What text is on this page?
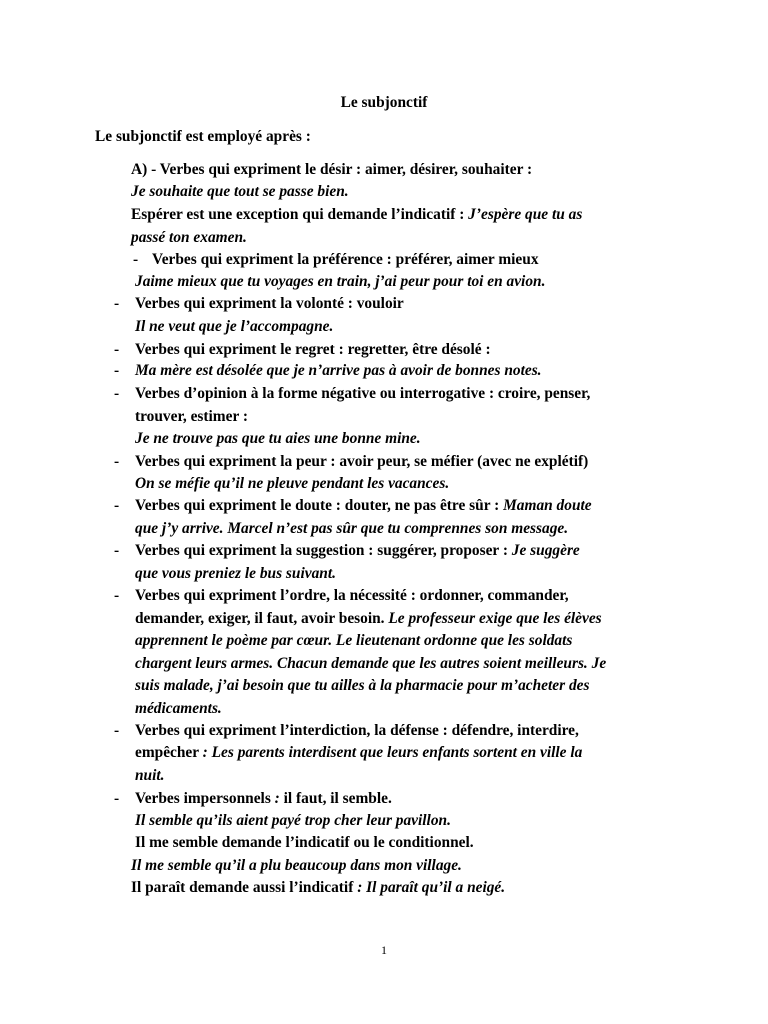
Le subjonctif
Le subjonctif est employé après :
A) - Verbes qui expriment le désir : aimer, désirer, souhaiter :
Je souhaite que tout se passe bien.
Espérer est une exception qui demande l’indicatif : J’espère que tu as
passé ton examen.
- Verbes qui expriment la préférence : préférer, aimer mieux
Jaime mieux que tu voyages en train, j’ai peur pour toi en avion.
- Verbes qui expriment la volonté : vouloir
Il ne veut que je l’accompagne.
- Verbes qui expriment le regret : regretter, être désolé :
- Ma mère est désolée que je n’arrive pas à avoir de bonnes notes.
- Verbes d’opinion à la forme négative ou interrogative : croire, penser,
trouver, estimer :
Je ne trouve pas que tu aies une bonne mine.
- Verbes qui expriment la peur : avoir peur, se méfier (avec ne explétif)
On se méfie qu’il ne pleuve pendant les vacances.
- Verbes qui expriment le doute : douter, ne pas être sûr : Maman doute
que j’y arrive. Marcel n’est pas sûr que tu comprennes son message.
- Verbes qui expriment la suggestion : suggérer, proposer : Je suggère
que vous preniez le bus suivant.
- Verbes qui expriment l’ordre, la nécessité : ordonner, commander,
demander, exiger, il faut, avoir besoin. Le professeur exige que les élèves
apprennent le poème par cœur. Le lieutenant ordonne que les soldats
chargent leurs armes. Chacun demande que les autres soient meilleurs. Je
suis malade, j’ai besoin que tu ailles à la pharmacie pour m’acheter des
médicaments.
- Verbes qui expriment l’interdiction, la défense : défendre, interdire,
empêcher : Les parents interdisent que leurs enfants sortent en ville la
nuit.
- Verbes impersonnels : il faut, il semble.
Il semble qu’ils aient payé trop cher leur pavillon.
Il me semble demande l’indicatif ou le conditionnel.
Il me semble qu’il a plu beaucoup dans mon village.
Il paraît demande aussi l’indicatif : Il paraît qu’il a neigé.
1
